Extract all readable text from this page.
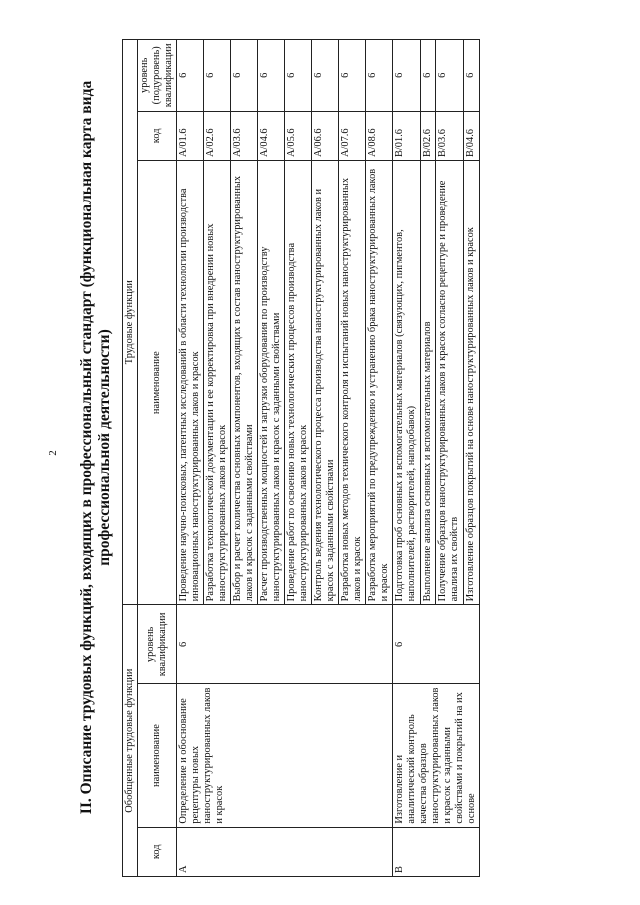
2 II. Описание трудовых функций, входящих в профессиональный стандарт (функциональная карта вида профессиональной деятельности)
Обобщенные трудовые функции			Трудовые функции		
код	наименование	уровень квалификации	наименование	код	уровень (подуровень) квалификации
A	Определение и обоснование рецептуры новых наноструктурированных лаков и красок	6	Проведение научно-поисковых, патентных исследований в области технологии производства инновационных наноструктурированных лаков и красок	A/01.6	6
			Разработка технологической документации и ее корректировка при внедрении новых наноструктурированных лаков и красок	A/02.6	6
			Выбор и расчет количества основных компонентов, входящих в состав наноструктурированных лаков и красок с заданными свойствами	A/03.6	6
			Расчет производственных мощностей и загрузки оборудования по производству наноструктурированных лаков и красок с заданными свойствами	A/04.6	6
			Проведение работ по освоению новых технологических процессов производства наноструктурированных лаков и красок	A/05.6	6
			Контроль ведения технологического процесса производства наноструктурированных лаков и красок с заданными свойствами	A/06.6	6
			Разработка новых методов технического контроля и испытаний новых наноструктурированных лаков и красок	A/07.6	6
			Разработка мероприятий по предупреждению и устранению брака наноструктурированных лаков и красок	A/08.6	6
B	Изготовление и аналитический контроль качества образцов наноструктурированных лаков и красок с заданными свойствами и покрытий на их основе	6	Подготовка проб основных и вспомогательных материалов (связующих, пигментов, наполнителей, растворителей, наподобавок)	B/01.6	6
			Выполнение анализа основных и вспомогательных материалов	B/02.6	6
			Получение образцов наноструктурированных лаков и красок согласно рецептуре и проведение анализа их свойств	B/03.6	6
			Изготовление образцов покрытий на основе наноструктурированных лаков и красок	B/04.6	6
